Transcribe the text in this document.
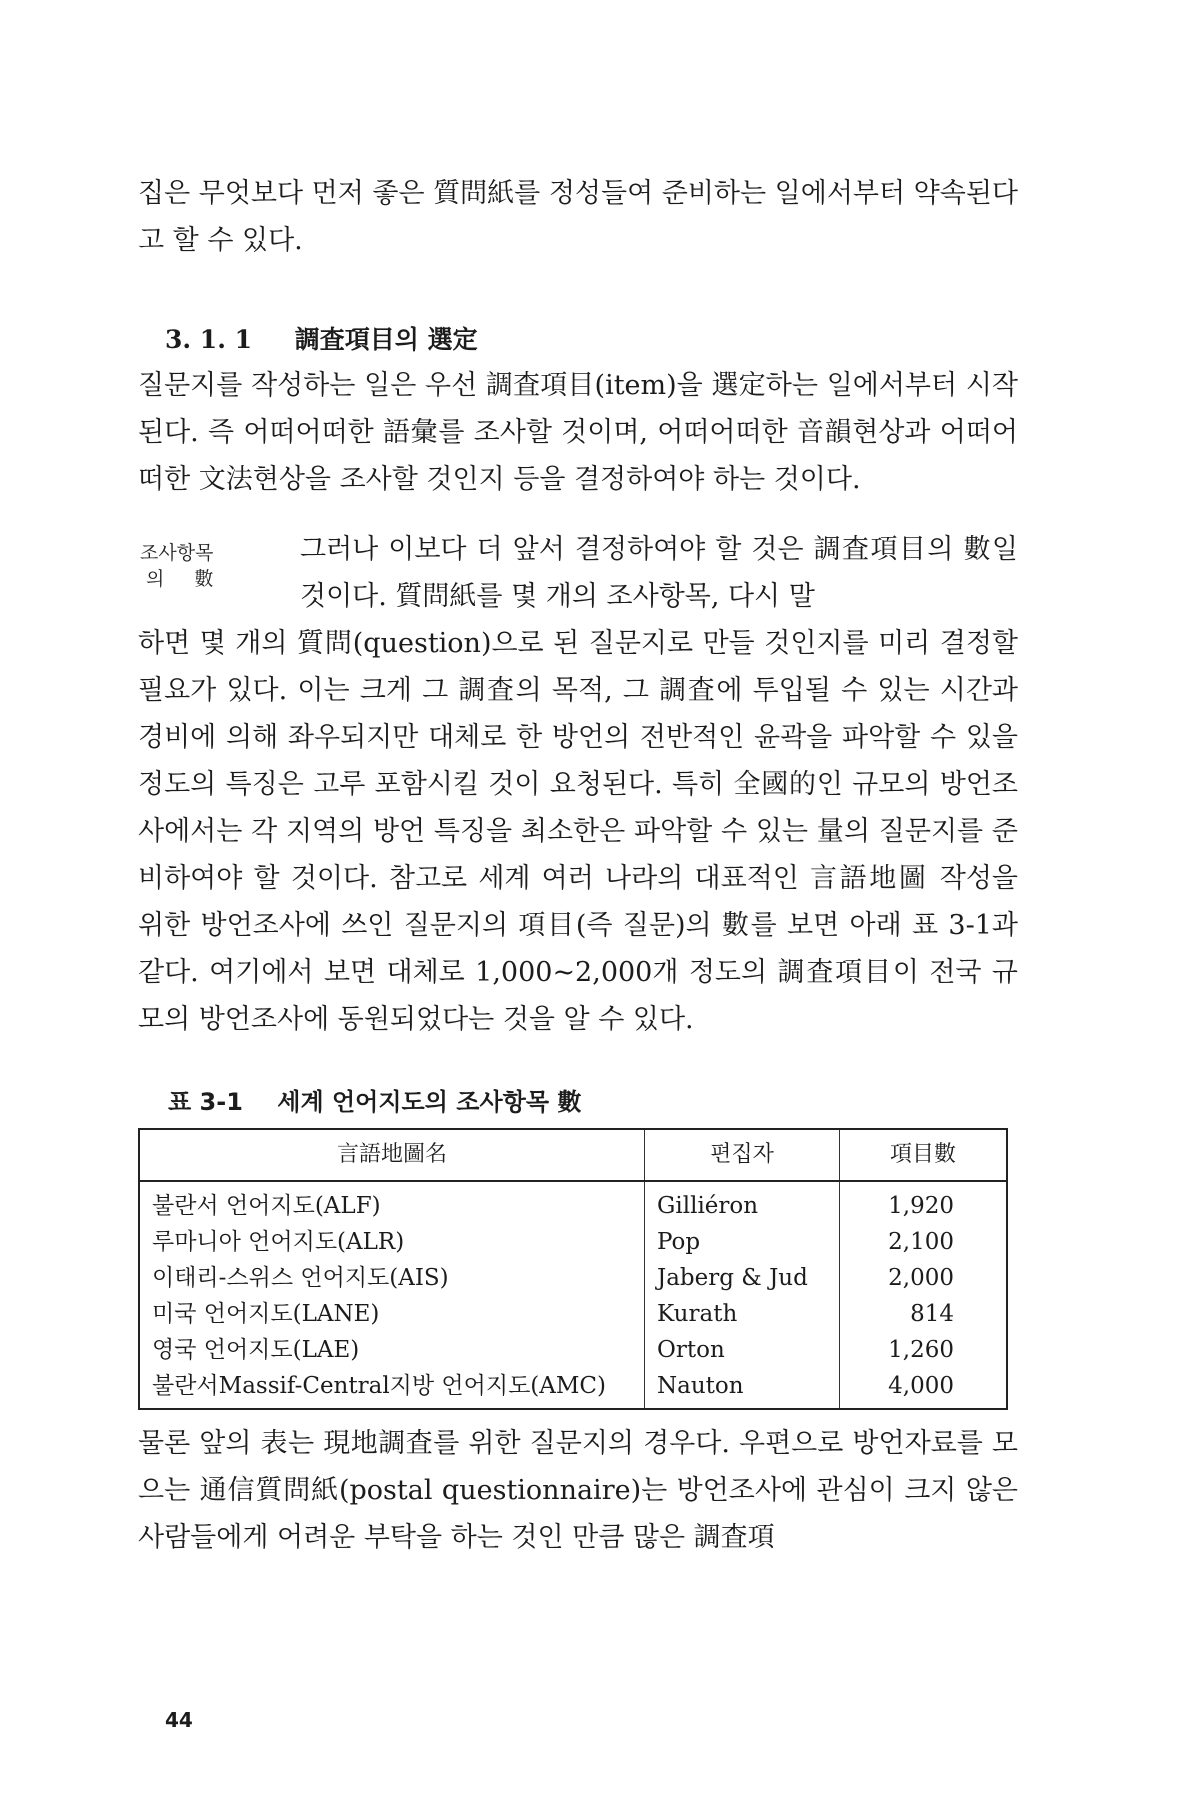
집은 무엇보다 먼저 좋은 質問紙를 정성들여 준비하는 일에서부터 약속된다고 할 수 있다.

3. 1. 1 調査項目의 選定

질문지를 작성하는 일은 우선 調査項目(item)을 選定하는 일에서부터 시작된다. 즉 어떠어떠한 語彙를 조사할 것이며, 어떠어떠한 音韻현상과 어떠어떠한 文法현상을 조사할 것인지 등을 결정하여야 하는 것이다.

조사항목
의 數

그러나 이보다 더 앞서 결정하여야 할 것은 調査項目의 數일 것이다. 質問紙를 몇 개의 조사항목, 다시 말

하면 몇 개의 質問(question)으로 된 질문지로 만들 것인지를 미리 결정할 필요가 있다. 이는 크게 그 調査의 목적, 그 調査에 투입될 수 있는 시간과 경비에 의해 좌우되지만 대체로 한 방언의 전반적인 윤곽을 파악할 수 있을 정도의 특징은 고루 포함시킬 것이 요청된다. 특히 全國的인 규모의 방언조사에서는 각 지역의 방언 특징을 최소한은 파악할 수 있는 量의 질문지를 준비하여야 할 것이다. 참고로 세계 여러 나라의 대표적인 言語地圖 작성을 위한 방언조사에 쓰인 질문지의 項目(즉 질문)의 數를 보면 아래 표 3-1과 같다. 여기에서 보면 대체로 1,000~2,000개 정도의 調査項目이 전국 규모의 방언조사에 동원되었다는 것을 알 수 있다.

표 3-1 세계 언어지도의 조사항목 數
言語地圖名	편집자	項目數
불란서 언어지도(ALF)	Gilliéron	1,920
루마니아 언어지도(ALR)	Pop	2,100
이태리-스위스 언어지도(AIS)	Jaberg & Jud	2,000
미국 언어지도(LANE)	Kurath	814
영국 언어지도(LAE)	Orton	1,260
불란서Massif-Central지방 언어지도(AMC)	Nauton	4,000

물론 앞의 表는 現地調査를 위한 질문지의 경우다. 우편으로 방언자료를 모으는 通信質問紙(postal questionnaire)는 방언조사에 관심이 크지 않은 사람들에게 어려운 부탁을 하는 것인 만큼 많은 調査項

44
